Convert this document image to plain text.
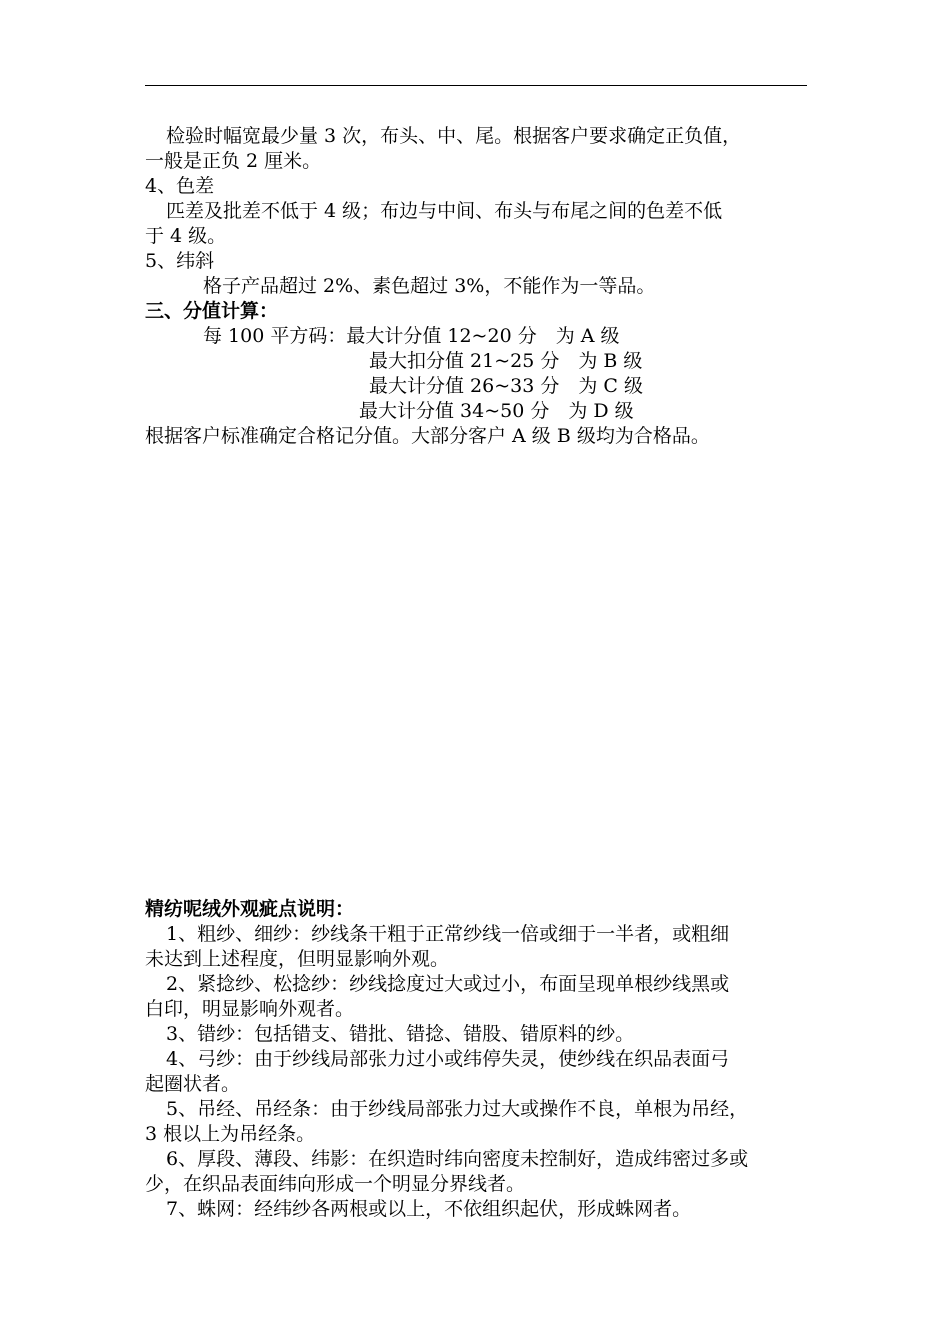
检验时幅宽最少量 3 次，布头、中、尾。根据客户要求确定正负值，
一般是正负 2 厘米。
4、色差
匹差及批差不低于 4 级；布边与中间、布头与布尾之间的色差不低
于 4 级。
5、纬斜
格子产品超过 2%、素色超过 3%，不能作为一等品。
三、分值计算：
每 100 平方码：最大计分值 12~20 分　为 A 级
最大扣分值 21~25 分　为 B 级
最大计分值 26~33 分　为 C 级
最大计分值 34~50 分　为 D 级
根据客户标准确定合格记分值。大部分客户 A 级 B 级均为合格品。
精纺呢绒外观疵点说明：
1、粗纱、细纱：纱线条干粗于正常纱线一倍或细于一半者，或粗细
未达到上述程度，但明显影响外观。
2、紧捻纱、松捻纱：纱线捻度过大或过小，布面呈现单根纱线黑或
白印，明显影响外观者。
3、错纱：包括错支、错批、错捻、错股、错原料的纱。
4、弓纱：由于纱线局部张力过小或纬停失灵，使纱线在织品表面弓
起圈状者。
5、吊经、吊经条：由于纱线局部张力过大或操作不良，单根为吊经，
3 根以上为吊经条。
6、厚段、薄段、纬影：在织造时纬向密度未控制好，造成纬密过多或
少，在织品表面纬向形成一个明显分界线者。
7、蛛网：经纬纱各两根或以上，不依组织起伏，形成蛛网者。
